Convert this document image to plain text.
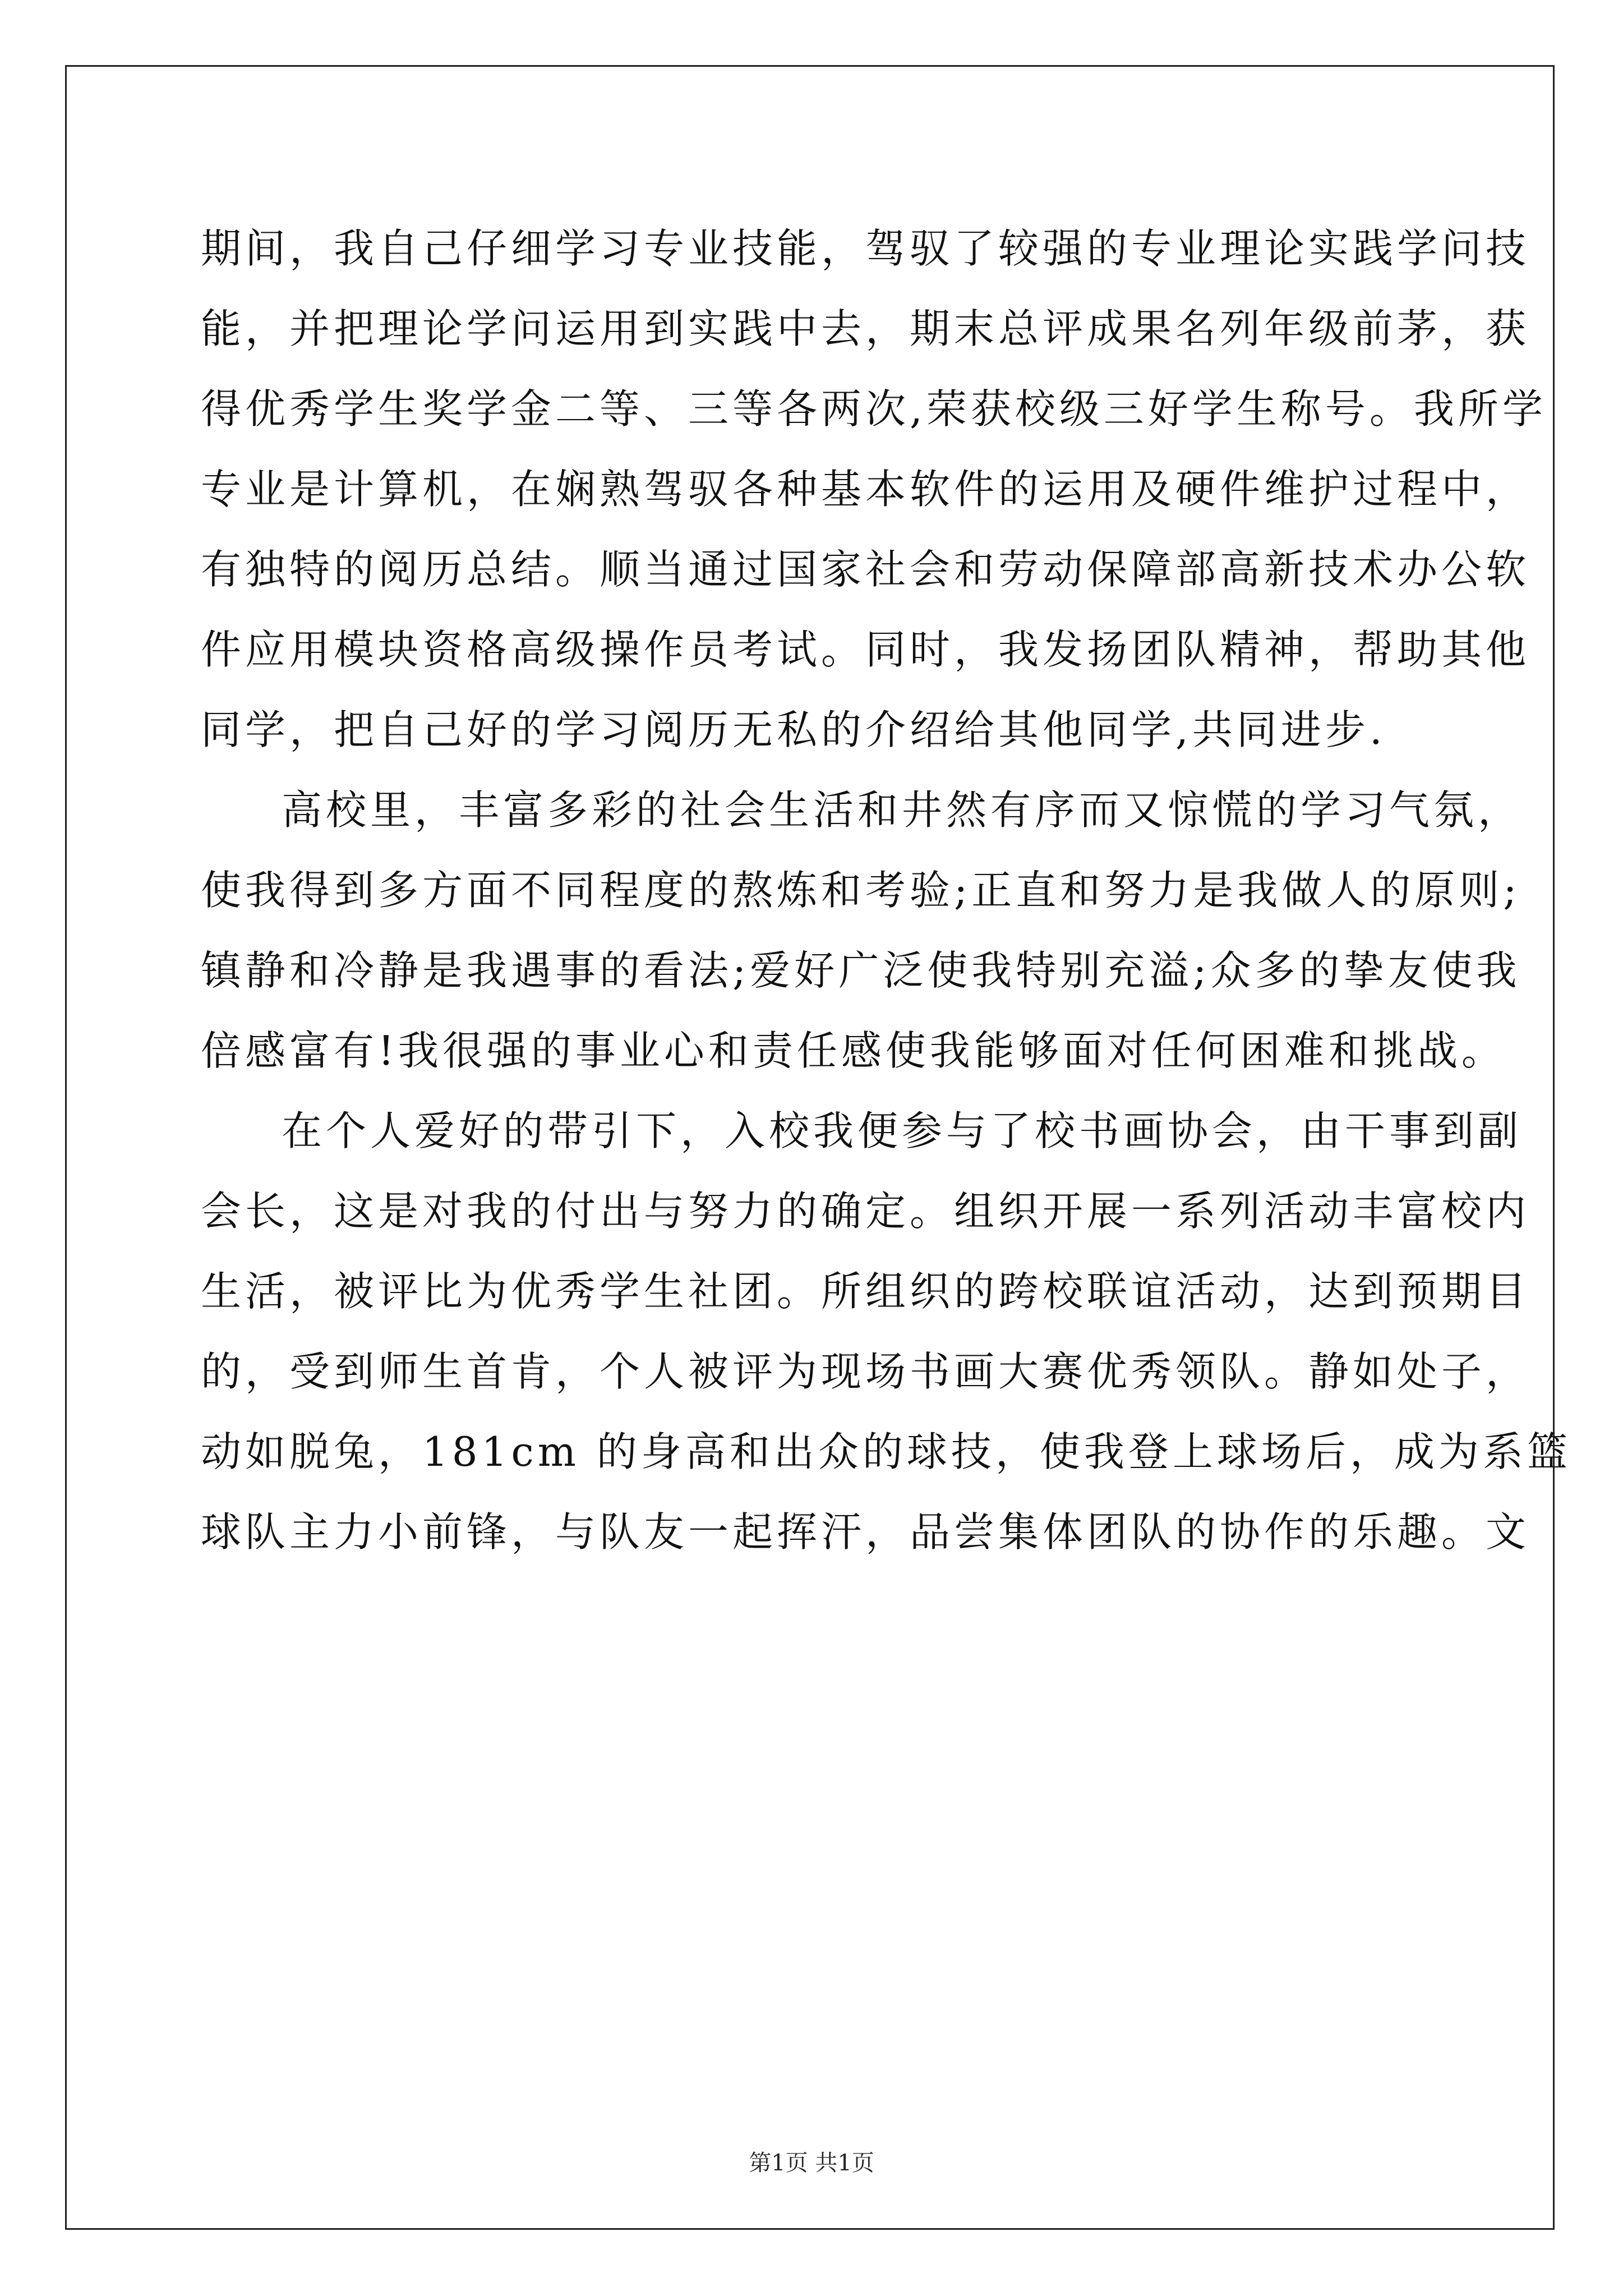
期间，我自己仔细学习专业技能，驾驭了较强的专业理论实践学问技
能，并把理论学问运用到实践中去，期末总评成果名列年级前茅，获
得优秀学生奖学金二等、三等各两次,荣获校级三好学生称号。我所学
专业是计算机，在娴熟驾驭各种基本软件的运用及硬件维护过程中，
有独特的阅历总结。顺当通过国家社会和劳动保障部高新技术办公软
件应用模块资格高级操作员考试。同时，我发扬团队精神，帮助其他
同学，把自己好的学习阅历无私的介绍给其他同学,共同进步.
高校里，丰富多彩的社会生活和井然有序而又惊慌的学习气氛，
使我得到多方面不同程度的熬炼和考验;正直和努力是我做人的原则;
镇静和冷静是我遇事的看法;爱好广泛使我特别充溢;众多的挚友使我
倍感富有!我很强的事业心和责任感使我能够面对任何困难和挑战。
在个人爱好的带引下，入校我便参与了校书画协会，由干事到副
会长，这是对我的付出与努力的确定。组织开展一系列活动丰富校内
生活，被评比为优秀学生社团。所组织的跨校联谊活动，达到预期目
的，受到师生首肯，个人被评为现场书画大赛优秀领队。静如处子，
动如脱兔，181cm 的身高和出众的球技，使我登上球场后，成为系篮
球队主力小前锋，与队友一起挥汗，品尝集体团队的协作的乐趣。文
第1页 共1页
